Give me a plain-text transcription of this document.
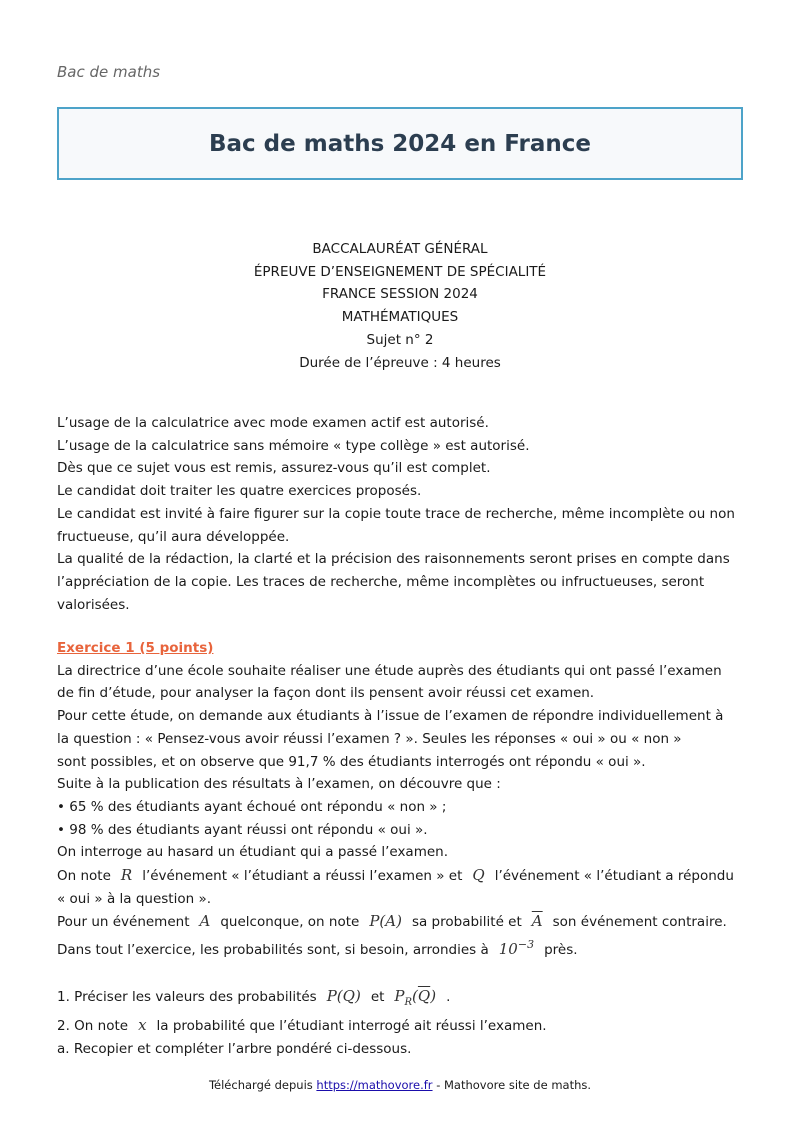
Bac de maths
Bac de maths 2024 en France
BACCALAURÉAT GÉNÉRAL
ÉPREUVE D’ENSEIGNEMENT DE SPÉCIALITÉ
FRANCE SESSION 2024
MATHÉMATIQUES
Sujet n° 2
Durée de l’épreuve : 4 heures
L’usage de la calculatrice avec mode examen actif est autorisé.
L’usage de la calculatrice sans mémoire « type collège » est autorisé.
Dès que ce sujet vous est remis, assurez-vous qu’il est complet.
Le candidat doit traiter les quatre exercices proposés.
Le candidat est invité à faire figurer sur la copie toute trace de recherche, même incomplète ou non
fructueuse, qu’il aura développée.
La qualité de la rédaction, la clarté et la précision des raisonnements seront prises en compte dans
l’appréciation de la copie. Les traces de recherche, même incomplètes ou infructueuses, seront
valorisées.
Exercice 1 (5 points)
La directrice d’une école souhaite réaliser une étude auprès des étudiants qui ont passé l’examen
de fin d’étude, pour analyser la façon dont ils pensent avoir réussi cet examen.
Pour cette étude, on demande aux étudiants à l’issue de l’examen de répondre individuellement à
la question : « Pensez-vous avoir réussi l’examen ? ». Seules les réponses « oui » ou « non »
sont possibles, et on observe que 91,7 % des étudiants interrogés ont répondu « oui ».
Suite à la publication des résultats à l’examen, on découvre que :
• 65 % des étudiants ayant échoué ont répondu « non » ;
• 98 % des étudiants ayant réussi ont répondu « oui ».
On interroge au hasard un étudiant qui a passé l’examen.
On note R l’événement « l’étudiant a réussi l’examen » et Q l’événement « l’étudiant a répondu
« oui » à la question ».
Pour un événement A quelconque, on note P(A) sa probabilité et $\overline{A}$ son événement contraire.
Dans tout l’exercice, les probabilités sont, si besoin, arrondies à $10^{-3}$ près.
1. Préciser les valeurs des probabilités P(Q) et $P_R(\overline{Q})$ .
2. On note x la probabilité que l’étudiant interrogé ait réussi l’examen.
a. Recopier et compléter l’arbre pondéré ci-dessous.
Téléchargé depuis https://mathovore.fr - Mathovore site de maths.
